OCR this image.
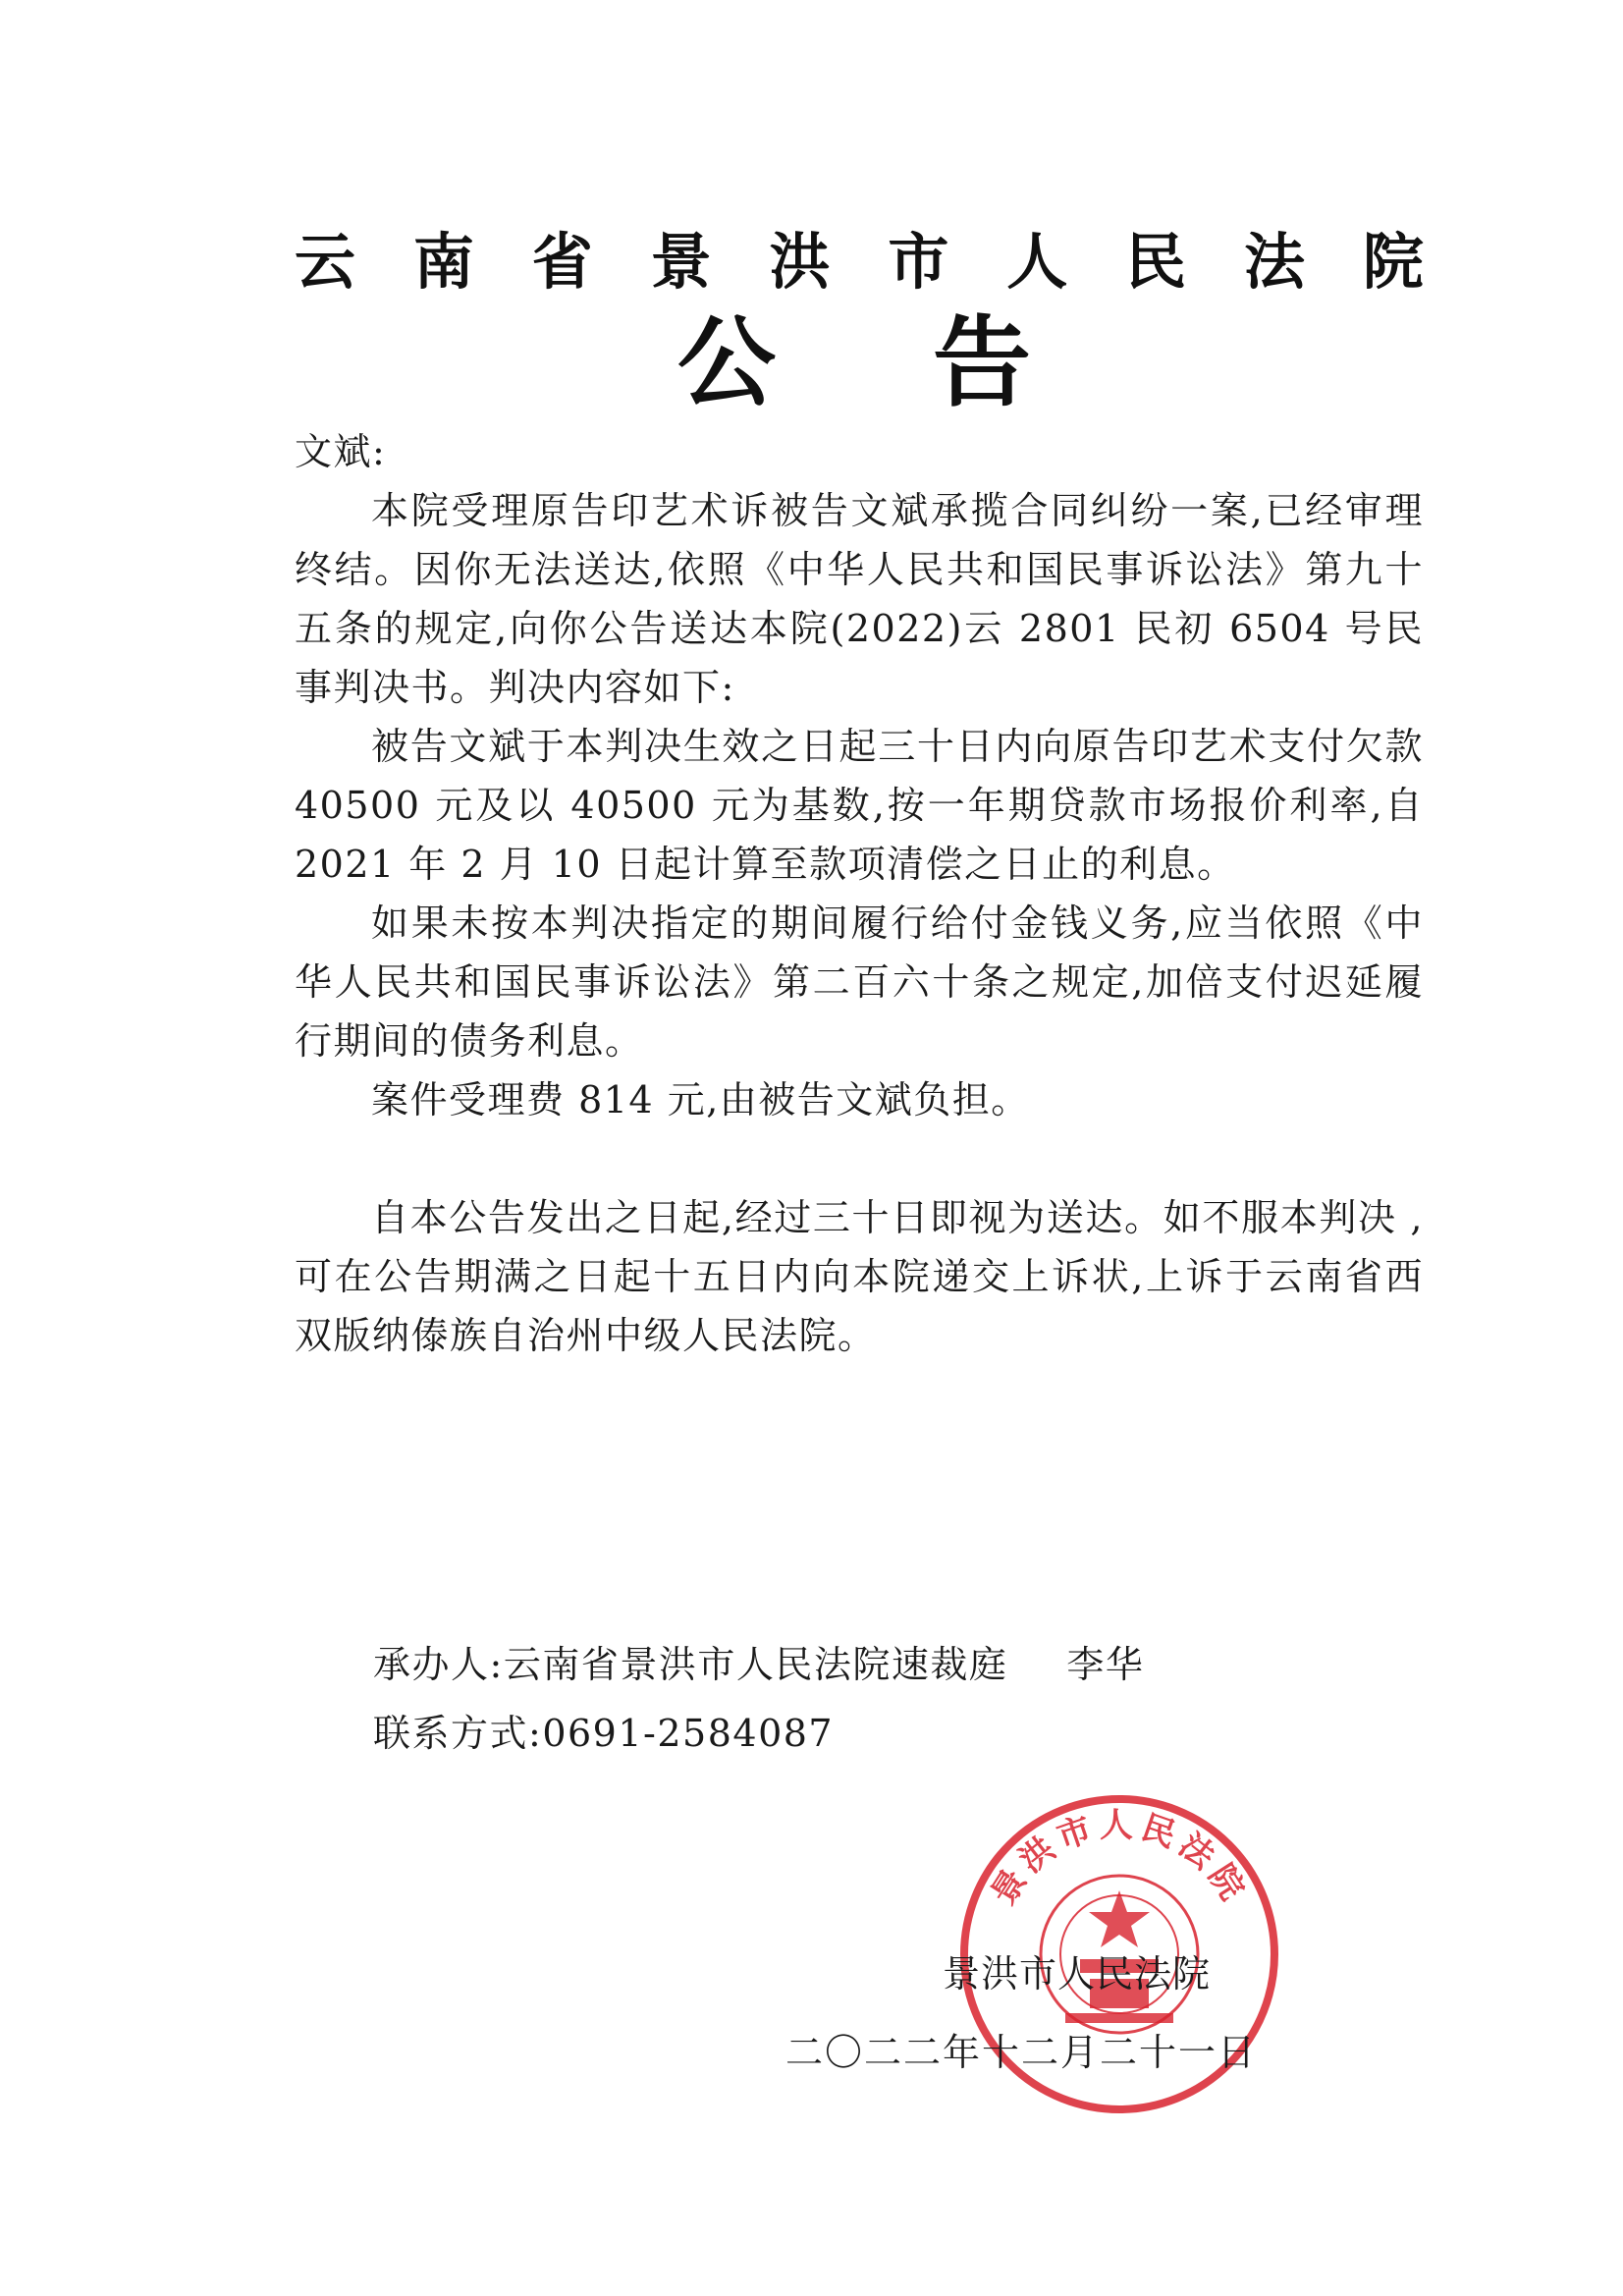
云 南 省 景 洪 市 人 民 法 院
公 告

文斌:

本院受理原告印艺术诉被告文斌承揽合同纠纷一案,已经审理终结。因你无法送达,依照《中华人民共和国民事诉讼法》第九十五条的规定,向你公告送达本院(2022)云 2801 民初 6504 号民事判决书。判决内容如下:

被告文斌于本判决生效之日起三十日内向原告印艺术支付欠款 40500 元及以 40500 元为基数,按一年期贷款市场报价利率,自 2021 年 2 月 10 日起计算至款项清偿之日止的利息。

如果未按本判决指定的期间履行给付金钱义务,应当依照《中华人民共和国民事诉讼法》第二百六十条之规定,加倍支付迟延履行期间的债务利息。

案件受理费 814 元,由被告文斌负担。

自本公告发出之日起,经过三十日即视为送达。如不服本判决 ,可在公告期满之日起十五日内向本院递交上诉状,上诉于云南省西双版纳傣族自治州中级人民法院。

承办人:云南省景洪市人民法院速裁庭 李华
联系方式:0691-2584087
景洪市人民法院
景洪市人民法院
二〇二二年十二月二十一日
